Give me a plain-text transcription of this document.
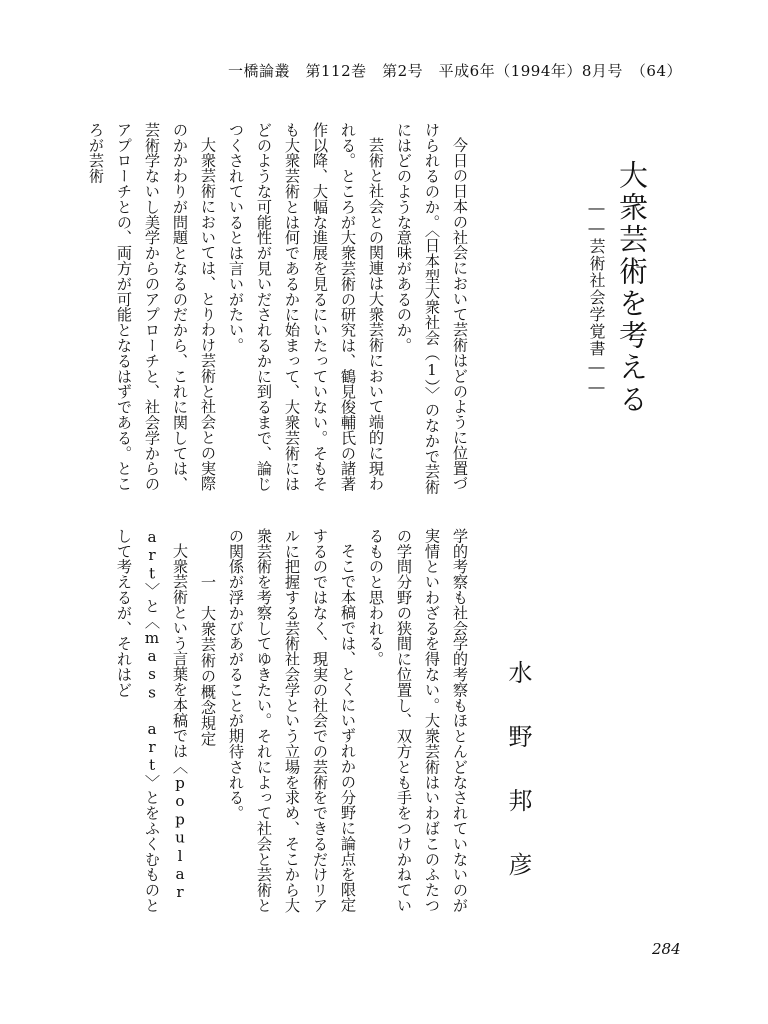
一橋論叢　第112巻　第2号　平成6年（1994年）8月号　（64）
大衆芸術を考える
――芸術社会学覚書――
水野邦彦

今日の日本の社会において芸術はどのように位置づけられるのか。〈日本型大衆社会（1）〉のなかで芸術にはどのような意味があるのか。

芸術と社会との関連は大衆芸術において端的に現われる。ところが大衆芸術の研究は、鶴見俊輔氏の諸著作以降、大幅な進展を見るにいたっていない。そもそも大衆芸術とは何であるかに始まって、大衆芸術にはどのような可能性が見いだされるかに到るまで、論じつくされているとは言いがたい。

大衆芸術においては、とりわけ芸術と社会との実際のかかわりが問題となるのだから、これに関しては、芸術学ないし美学からのアプローチと、社会学からのアプローチとの、両方が可能となるはずである。ところが芸術

学的考察も社会学的考察もほとんどなされていないのが実情といわざるを得ない。大衆芸術はいわばこのふたつの学問分野の狭間に位置し、双方とも手をつけかねているものと思われる。

そこで本稿では、とくにいずれかの分野に論点を限定するのではなく、現実の社会での芸術をできるだけリアルに把握する芸術社会学という立場を求め、そこから大衆芸術を考察してゆきたい。それによって社会と芸術との関係が浮かびあがることが期待される。

一　大衆芸術の概念規定

大衆芸術という言葉を本稿では〈popular art〉と〈mass art〉とをふくむものとして考えるが、それはど

284
